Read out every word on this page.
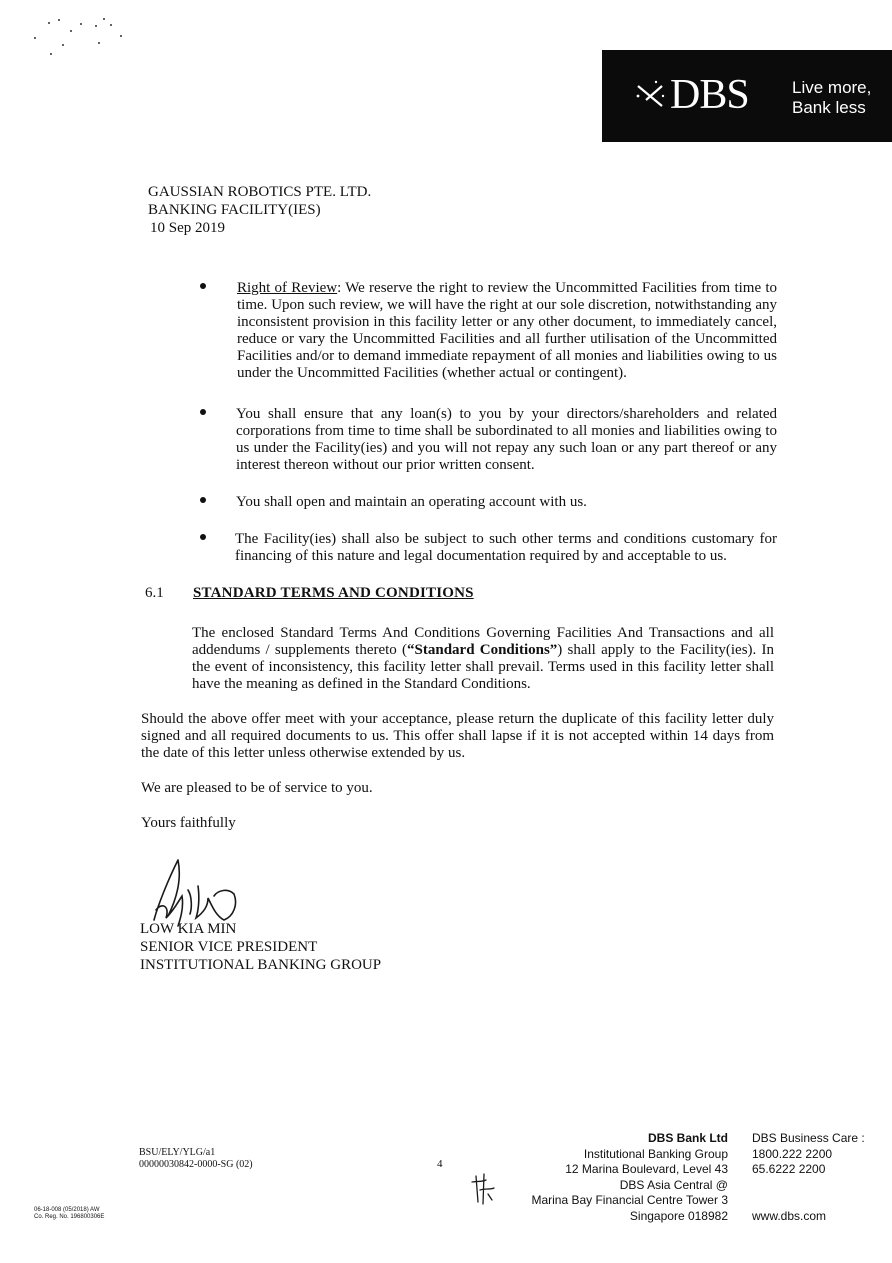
DBS	Live more,
Bank less
GAUSSIAN ROBOTICS PTE. LTD.
BANKING FACILITY(IES)
10 Sep 2019
Right of Review: We reserve the right to review the Uncommitted Facilities from time to time. Upon such review, we will have the right at our sole discretion, notwithstanding any inconsistent provision in this facility letter or any other document, to immediately cancel, reduce or vary the Uncommitted Facilities and all further utilisation of the Uncommitted Facilities and/or to demand immediate repayment of all monies and liabilities owing to us under the Uncommitted Facilities (whether actual or contingent).
You shall ensure that any loan(s) to you by your directors/shareholders and related corporations from time to time shall be subordinated to all monies and liabilities owing to us under the Facility(ies) and you will not repay any such loan or any part thereof or any interest thereon without our prior written consent.
You shall open and maintain an operating account with us.
The Facility(ies) shall also be subject to such other terms and conditions customary for financing of this nature and legal documentation required by and acceptable to us.
6.1 STANDARD TERMS AND CONDITIONS
The enclosed Standard Terms And Conditions Governing Facilities And Transactions and all addendums / supplements thereto (“Standard Conditions”) shall apply to the Facility(ies). In the event of inconsistency, this facility letter shall prevail. Terms used in this facility letter shall have the meaning as defined in the Standard Conditions.
Should the above offer meet with your acceptance, please return the duplicate of this facility letter duly signed and all required documents to us. This offer shall lapse if it is not accepted within 14 days from the date of this letter unless otherwise extended by us.
We are pleased to be of service to you.
Yours faithfully
LOW KIA MIN
SENIOR VICE PRESIDENT
INSTITUTIONAL BANKING GROUP
BSU/ELY/YLG/a1
00000030842-0000-SG (02)	4
06-18-008 (05/2018) AW
Co. Reg. No. 196800306E
DBS Bank Ltd
Institutional Banking Group
12 Marina Boulevard, Level 43
DBS Asia Central @
Marina Bay Financial Centre Tower 3
Singapore 018982
DBS Business Care :
1800.222 2200
65.6222 2200
www.dbs.com
